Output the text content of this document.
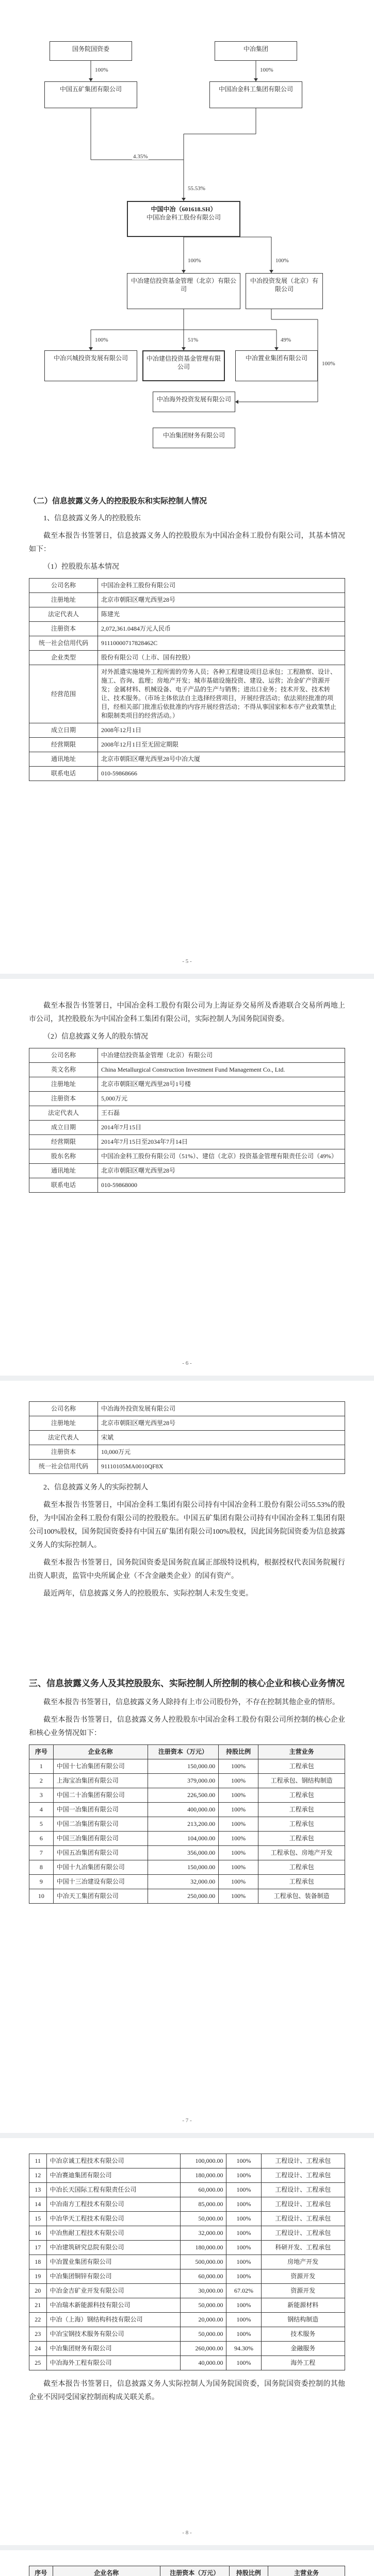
国务院国资委	中冶集团
中国五矿集团有限公司	中国冶金科工集团有限公司
中国中冶（601618.SH）
中国冶金科工股份有限公司
中冶建信投资基金管理（北京）有限公司
中冶投资发展（北京）有限公司
中冶兴城投资发展有限公司	中冶建信投资基金管理有限公司
中冶置业集团有限公司
中冶海外投资发展有限公司
中冶集团财务有限公司
100%	100%
55.53%
4.35%
100%	100%
51%	49%
100%
100%
（二）信息披露义务人的控股股东和实际控制人情况

1、信息披露义务人的控股股东

截至本报告书签署日，信息披露义务人的控股股东为中国冶金科工股份有限公司，其基本情况如下：

（1）控股股东基本情况

公司名称	中国冶金科工股份有限公司
注册地址	北京市朝阳区曙光西里28号
法定代表人	陈建光
注册资本	2,072,361.0484万元人民币
统一社会信用代码	91110000717828462C
企业类型	股份有限公司（上市、国有控股）
经营范围	对外派遣实施境外工程所需的劳务人员；各种工程建设项目总承包；工程勘察、设计、施工、咨询、监理；房地产开发；城市基础设施投资、建设、运营；冶金矿产资源开发；金属材料、机械设备、电子产品的生产与销售；进出口业务；技术开发、技术转让、技术服务。（市场主体依法自主选择经营项目，开展经营活动；依法须经批准的项目，经相关部门批准后依批准的内容开展经营活动；不得从事国家和本市产业政策禁止和限制类项目的经营活动。）
成立日期	2008年12月1日
经营期限	2008年12月1日至无固定期限
通讯地址	北京市朝阳区曙光西里28号中冶大厦
联系电话	010-59868666
- 5 -

截至本报告书签署日，中国冶金科工股份有限公司为上海证券交易所及香港联合交易所两地上市公司，其控股股东为中国冶金科工集团有限公司，实际控制人为国务院国资委。

（2）信息披露义务人的股东情况

公司名称	中冶建信投资基金管理（北京）有限公司
英文名称	China Metallurgical Construction Investment Fund Management Co., Ltd.
注册地址	北京市朝阳区曙光西里28号1号楼
注册资本	5,000万元
法定代表人	王石磊
成立日期	2014年7月15日
经营期限	2014年7月15日至2034年7月14日
股东名称	中国冶金科工股份有限公司（51%）、建信（北京）投资基金管理有限责任公司（49%）
通讯地址	北京市朝阳区曙光西里28号
联系电话	010-59868000
- 6 -
公司名称	中冶海外投资发展有限公司
注册地址	北京市朝阳区曙光西里28号
法定代表人	宋斌
注册资本	10,000万元
统一社会信用代码	91110105MA0010QF8X

2、信息披露义务人的实际控制人

截至本报告书签署日，中国冶金科工集团有限公司持有中国冶金科工股份有限公司55.53%的股份，为中国冶金科工股份有限公司的控股股东。中国五矿集团有限公司持有中国冶金科工集团有限公司100%股权，国务院国资委持有中国五矿集团有限公司100%股权，因此国务院国资委为信息披露义务人的实际控制人。

截至本报告书签署日，国务院国资委是国务院直属正部级特设机构，根据授权代表国务院履行出资人职责，监管中央所属企业（不含金融类企业）的国有资产。

最近两年，信息披露义务人的控股股东、实际控制人未发生变更。

三、信息披露义务人及其控股股东、实际控制人所控制的核心企业和核心业务情况

截至本报告书签署日，信息披露义务人除持有上市公司股份外，不存在控制其他企业的情形。

截至本报告书签署日，信息披露义务人控股股东中国冶金科工股份有限公司所控制的核心企业和核心业务情况如下：

序号	企业名称	注册资本（万元）	持股比例	主营业务
1	中国十七冶集团有限公司	150,000.00	100%	工程承包
2	上海宝冶集团有限公司	379,000.00	100%	工程承包、钢结构制造
3	中国二十冶集团有限公司	226,500.00	100%	工程承包
4	中国一冶集团有限公司	400,000.00	100%	工程承包
5	中国二冶集团有限公司	213,200.00	100%	工程承包
6	中国三冶集团有限公司	104,000.00	100%	工程承包
7	中国五冶集团有限公司	356,000.00	100%	工程承包、房地产开发
8	中国十九冶集团有限公司	150,000.00	100%	工程承包
9	中国十三冶建设有限公司	32,000.00	100%	工程承包
10	中冶天工集团有限公司	250,000.00	100%	工程承包、装备制造
- 7 -
11	中冶京诚工程技术有限公司	100,000.00	100%	工程设计、工程承包
12	中冶赛迪集团有限公司	180,000.00	100%	工程设计、工程承包
13	中冶长天国际工程有限责任公司	60,000.00	100%	工程设计、工程承包
14	中冶南方工程技术有限公司	85,000.00	100%	工程设计、工程承包
15	中冶华天工程技术有限公司	50,000.00	100%	工程设计、工程承包
16	中冶焦耐工程技术有限公司	32,000.00	100%	工程设计、工程承包
17	中冶建筑研究总院有限公司	180,000.00	100%	科研开发、工程承包
18	中冶置业集团有限公司	500,000.00	100%	房地产开发
19	中冶集团铜锌有限公司	60,000.00	100%	资源开发
20	中冶金吉矿业开发有限公司	30,000.00	67.02%	资源开发
21	中冶瑞木新能源科技有限公司	50,000.00	100%	新能源材料
22	中冶（上海）钢结构科技有限公司	20,000.00	100%	钢结构制造
23	中冶宝钢技术服务有限公司	50,000.00	100%	技术服务
24	中冶集团财务有限公司	260,000.00	94.30%	金融服务
25	中冶海外工程有限公司	40,000.00	100%	海外工程

截至本报告书签署日，信息披露义务人实际控制人为国务院国资委，国务院国资委控制的其他企业不因同受国家控制而构成关联关系。

- 8 -
序号	企业名称	注册资本（万元）	持股比例	主营业务
